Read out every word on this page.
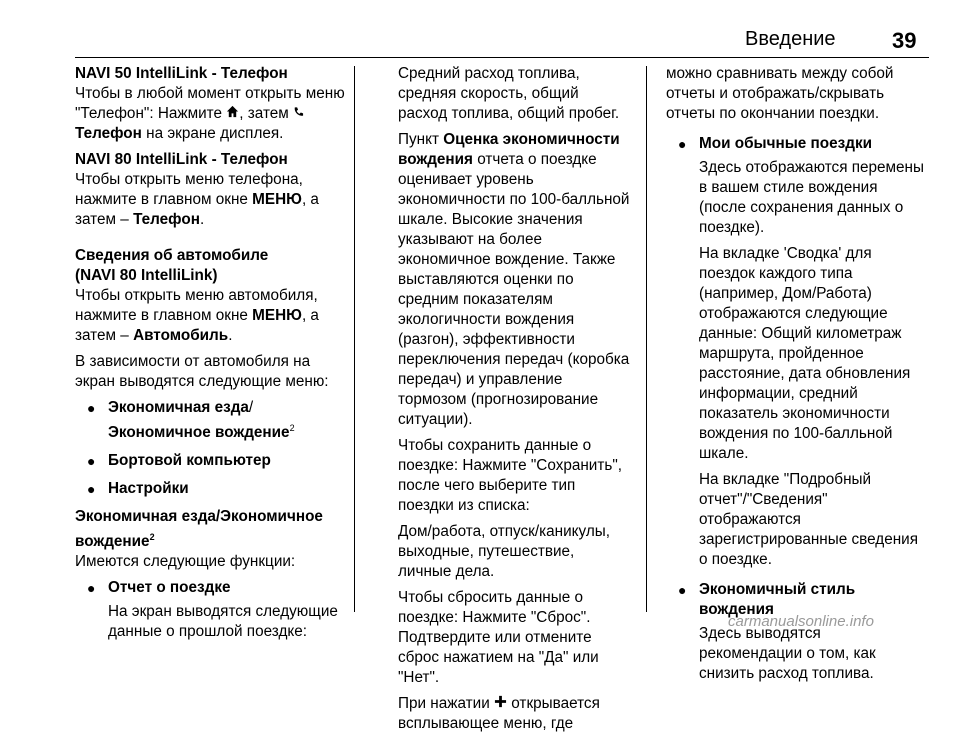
Введение	39
NAVI 50 IntelliLink - Телефон

Чтобы в любой момент открыть меню "Телефон": Нажмите , затем Телефон на экране дисплея.

NAVI 80 IntelliLink - Телефон

Чтобы открыть меню телефона, нажмите в главном окне МЕНЮ, а затем – Телефон.

Сведения об автомобиле
(NAVI 80 IntelliLink)

Чтобы открыть меню автомобиля, нажмите в главном окне МЕНЮ, а затем – Автомобиль.

В зависимости от автомобиля на экран выводятся следующие меню:

● Экономичная езда/
Экономичное вождение$^2$
● Бортовой компьютер
● Настройки
Экономичная езда/Экономичное
вождение$^2$

Имеются следующие функции:

● Отчет о поездке
На экран выводятся следующие данные о прошлой поездке:

Средний расход топлива, средняя скорость, общий расход топлива, общий пробег.

Пункт Оценка экономичности вождения отчета о поездке оценивает уровень экономичности по 100-балльной шкале. Высокие значения указывают на более экономичное вождение. Также выставляются оценки по средним показателям экологичности вождения (разгон), эффективности переключения передач (коробка передач) и управление тормозом (прогнозирование ситуации).

Чтобы сохранить данные о поездке: Нажмите "Сохранить", после чего выберите тип поездки из списка:

Дом/работа, отпуск/каникулы, выходные, путешествие, личные дела.

Чтобы сбросить данные о поездке: Нажмите "Сброс". Подтвердите или отмените сброс нажатием на "Да" или "Нет".

При нажатии  открывается всплывающее меню, где

можно сравнивать между собой отчеты и отображать/скрывать отчеты по окончании поездки.

● Мои обычные поездки
Здесь отображаются перемены в вашем стиле вождения (после сохранения данных о поездке).
На вкладке 'Сводка' для поездок каждого типа (например, Дом/Работа) отображаются следующие данные: Общий километраж маршрута, пройденное расстояние, дата обновления информации, средний показатель экономичности вождения по 100-балльной шкале.
На вкладке "Подробный отчет"/"Сведения" отображаются зарегистрированные сведения о поездке.
● Экономичный стиль вождения
Здесь выводятся рекомендации о том, как снизить расход топлива.
carmanualsonline.info
